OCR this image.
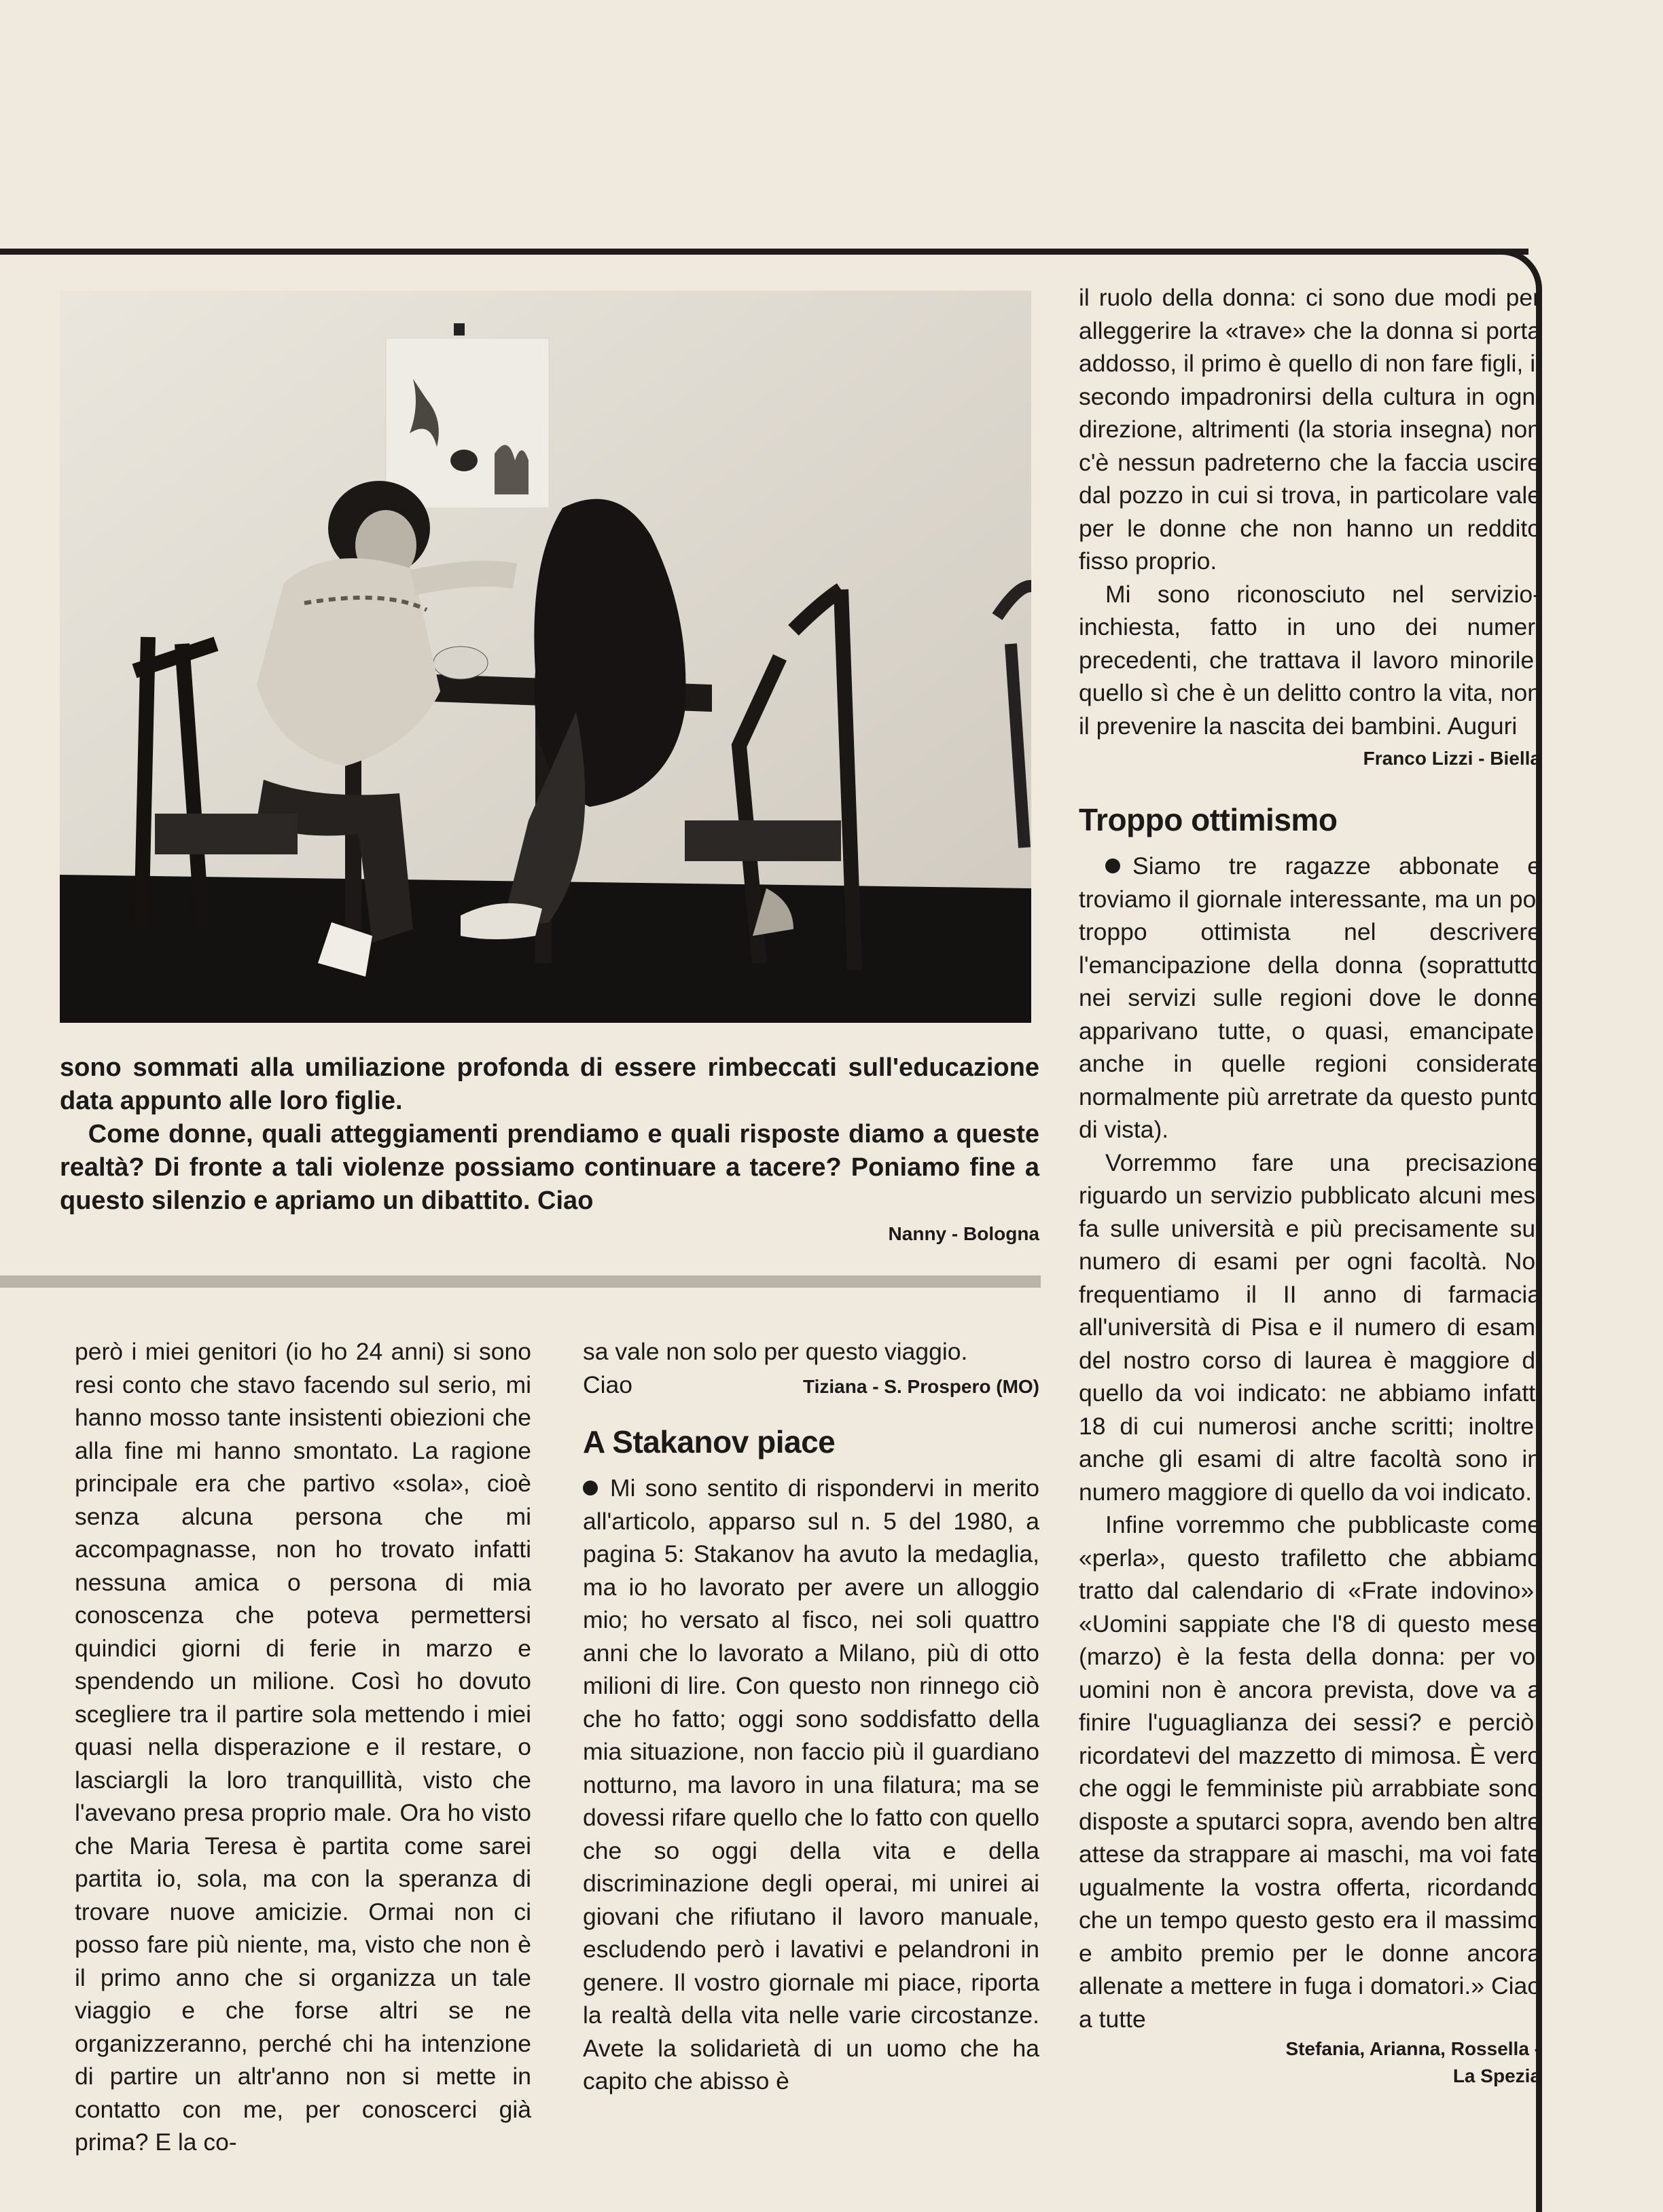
sono sommati alla umiliazione profonda di essere rimbeccati sull'educazione data appunto alle loro figlie.

Come donne, quali atteggiamenti prendiamo e quali risposte diamo a queste realtà? Di fronte a tali violenze possiamo continuare a tacere? Poniamo fine a questo silenzio e apriamo un dibattito. Ciao

Nanny - Bologna

però i miei genitori (io ho 24 anni) si sono resi conto che stavo facendo sul serio, mi hanno mosso tante insistenti obiezioni che alla fine mi hanno smontato. La ragione principale era che partivo «sola», cioè senza alcuna persona che mi accompagnasse, non ho trovato infatti nessuna amica o persona di mia conoscenza che poteva permettersi quindici giorni di ferie in marzo e spendendo un milione. Così ho dovuto scegliere tra il partire sola mettendo i miei quasi nella disperazione e il restare, o lasciargli la loro tranquillità, visto che l'avevano presa proprio male. Ora ho visto che Maria Teresa è partita come sarei partita io, sola, ma con la speranza di trovare nuove amicizie. Ormai non ci posso fare più niente, ma, visto che non è il primo anno che si organizza un tale viaggio e che forse altri se ne organizzeranno, perché chi ha intenzione di partire un altr'anno non si mette in contatto con me, per conoscerci già prima? E la co-

sa vale non solo per questo viaggio.

Ciao	Tiziana - S. Prospero (MO)
A Stakanov piace

Mi sono sentito di rispondervi in merito all'articolo, apparso sul n. 5 del 1980, a pagina 5: Stakanov ha avuto la medaglia, ma io ho lavorato per avere un alloggio mio; ho versato al fisco, nei soli quattro anni che lo lavorato a Milano, più di otto milioni di lire. Con questo non rinnego ciò che ho fatto; oggi sono soddisfatto della mia situazione, non faccio più il guardiano notturno, ma lavoro in una filatura; ma se dovessi rifare quello che lo fatto con quello che so oggi della vita e della discriminazione degli operai, mi unirei ai giovani che rifiutano il lavoro manuale, escludendo però i lavativi e pelandroni in genere. Il vostro giornale mi piace, riporta la realtà della vita nelle varie circostanze. Avete la solidarietà di un uomo che ha capito che abisso è

il ruolo della donna: ci sono due modi per alleggerire la «trave» che la donna si porta addosso, il primo è quello di non fare figli, il secondo impadronirsi della cultura in ogni direzione, altrimenti (la storia insegna) non c'è nessun padreterno che la faccia uscire dal pozzo in cui si trova, in particolare vale per le donne che non hanno un reddito fisso proprio.

Mi sono riconosciuto nel servizio-inchiesta, fatto in uno dei numeri precedenti, che trattava il lavoro minorile: quello sì che è un delitto contro la vita, non il prevenire la nascita dei bambini. Auguri

Franco Lizzi - Biella
Troppo ottimismo

Siamo tre ragazze abbonate e troviamo il giornale interessante, ma un po' troppo ottimista nel descrivere l'emancipazione della donna (soprattutto nei servizi sulle regioni dove le donne apparivano tutte, o quasi, emancipate, anche in quelle regioni considerate normalmente più arretrate da questo punto di vista).

Vorremmo fare una precisazione riguardo un servizio pubblicato alcuni mesi fa sulle università e più precisamente sul numero di esami per ogni facoltà. Noi frequentiamo il II anno di farmacia all'università di Pisa e il numero di esami del nostro corso di laurea è maggiore di quello da voi indicato: ne abbiamo infatti 18 di cui numerosi anche scritti; inoltre, anche gli esami di altre facoltà sono in numero maggiore di quello da voi indicato.

Infine vorremmo che pubblicaste come «perla», questo trafiletto che abbiamo tratto dal calendario di «Frate indovino»: «Uomini sappiate che l'8 di questo mese (marzo) è la festa della donna: per voi uomini non è ancora prevista, dove va a finire l'uguaglianza dei sessi? e perciò, ricordatevi del mazzetto di mimosa. È vero che oggi le femministe più arrabbiate sono disposte a sputarci sopra, avendo ben altre attese da strappare ai maschi, ma voi fate ugualmente la vostra offerta, ricordando che un tempo questo gesto era il massimo e ambito premio per le donne ancora allenate a mettere in fuga i domatori.» Ciao a tutte

Stefania, Arianna, Rossella -
La Spezia
